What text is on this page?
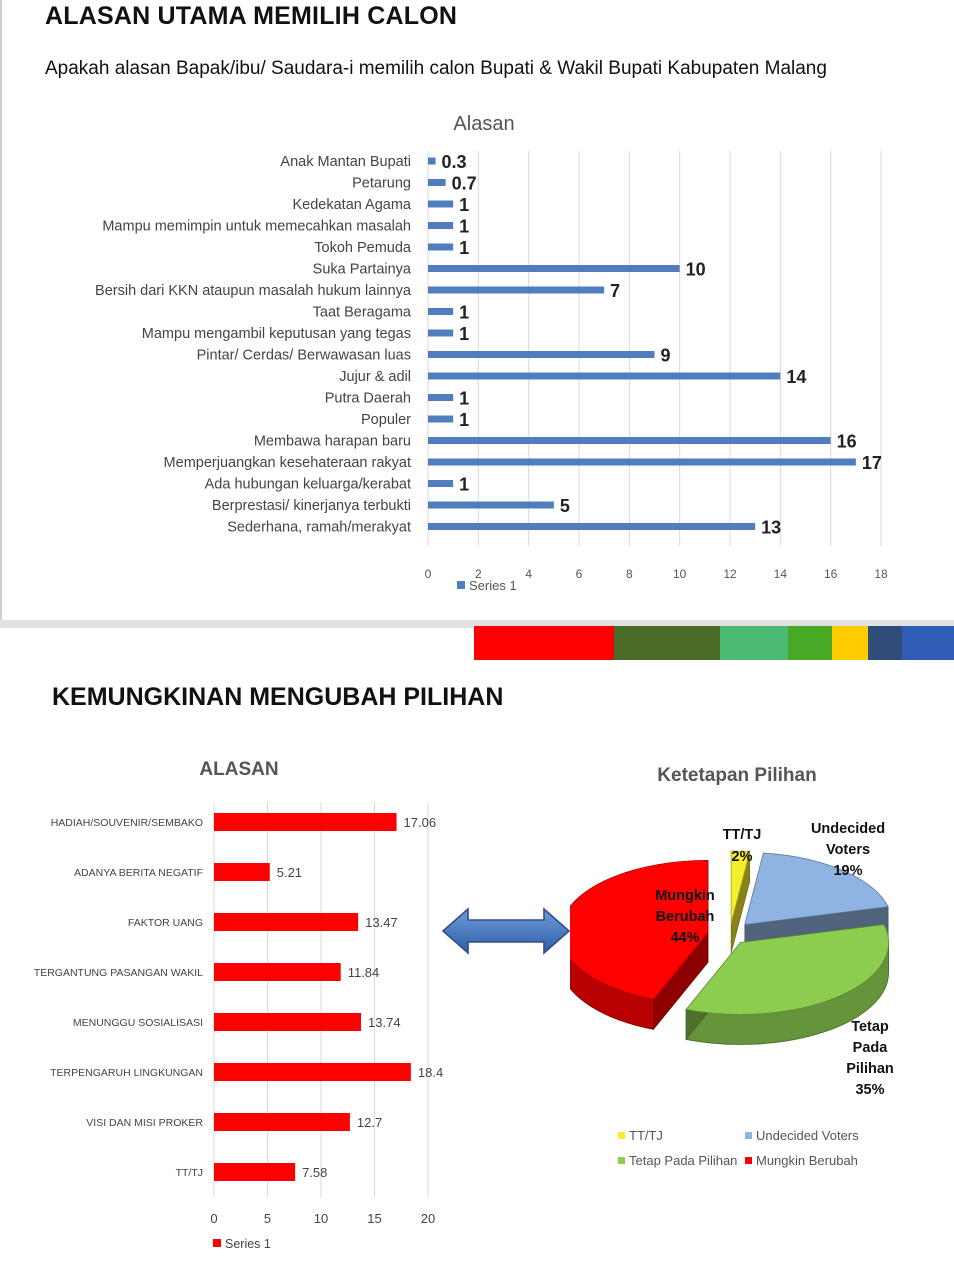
ALASAN UTAMA MEMILIH CALON
Apakah alasan Bapak/ibu/ Saudara-i memilih calon Bupati & Wakil Bupati Kabupaten Malang
Alasan
0	2	4	6	8	10	12	14	16	18
Anak Mantan Bupati 0.3
Petarung 0.7
Kedekatan Agama	1
Mampu memimpin untuk memecahkan masalah	1
Tokoh Pemuda	1
Suka Partainya	10
Bersih dari KKN ataupun masalah hukum lainnya	7
Taat Beragama	1
Mampu mengambil keputusan yang tegas	1
Pintar/ Cerdas/ Berwawasan luas	9
Jujur & adil	14
Putra Daerah	1
Populer	1
Membawa harapan baru	16
Memperjuangkan kesehateraan rakyat	17
Ada hubungan keluarga/kerabat	1
Berprestasi/ kinerjanya terbukti	5
Sederhana, ramah/merakyat	13
Series 1
KEMUNGKINAN MENGUBAH PILIHAN
ALASAN
0	5	10	15	20
HADIAH/SOUVENIR/SEMBAKO	17.06
ADANYA BERITA NEGATIF	5.21
FAKTOR UANG	13.47
TERGANTUNG PASANGAN WAKIL	11.84
MENUNGGU SOSIALISASI	13.74
TERPENGARUH LINGKUNGAN	18.4
VISI DAN MISI PROKER	12.7
TT/TJ	7.58
Series 1
Ketetapan Pilihan
TT/TJ
2%
Undecided
Voters
19%
Tetap
Pada
Pilihan
35%
Mungkin
Berubah
44%
TT/TJ	Undecided Voters
Tetap Pada Pilihan Mungkin Berubah
